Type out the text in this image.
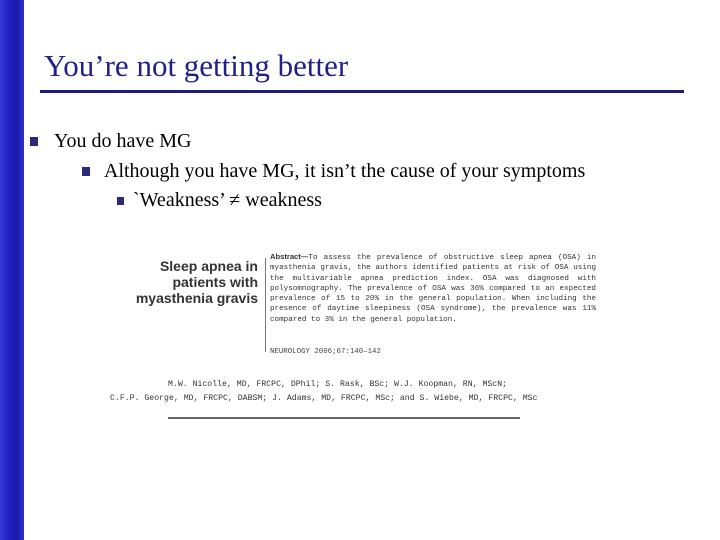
You’re not getting better
You do have MG
Although you have MG, it isn’t the cause of your symptoms
`Weakness’ ≠ weakness
Sleep apnea in
patients with
myasthenia gravis
Abstract—To assess the prevalence of obstructive sleep apnea (OSA) in myasthenia gravis, the authors identified patients at risk of OSA using the multivariable apnea prediction index. OSA was diagnosed with polysomnography. The prevalence of OSA was 36% compared to an expected prevalence of 15 to 20% in the general population. When including the presence of daytime sleepiness (OSA syndrome), the prevalence was 11% compared to 3% in the general population.
NEUROLOGY 2006;67:140–142
M.W. Nicolle, MD, FRCPC, DPhil; S. Rask, BSc; W.J. Koopman, RN, MScN;
C.F.P. George, MD, FRCPC, DABSM; J. Adams, MD, FRCPC, MSc; and S. Wiebe, MD, FRCPC, MSc
